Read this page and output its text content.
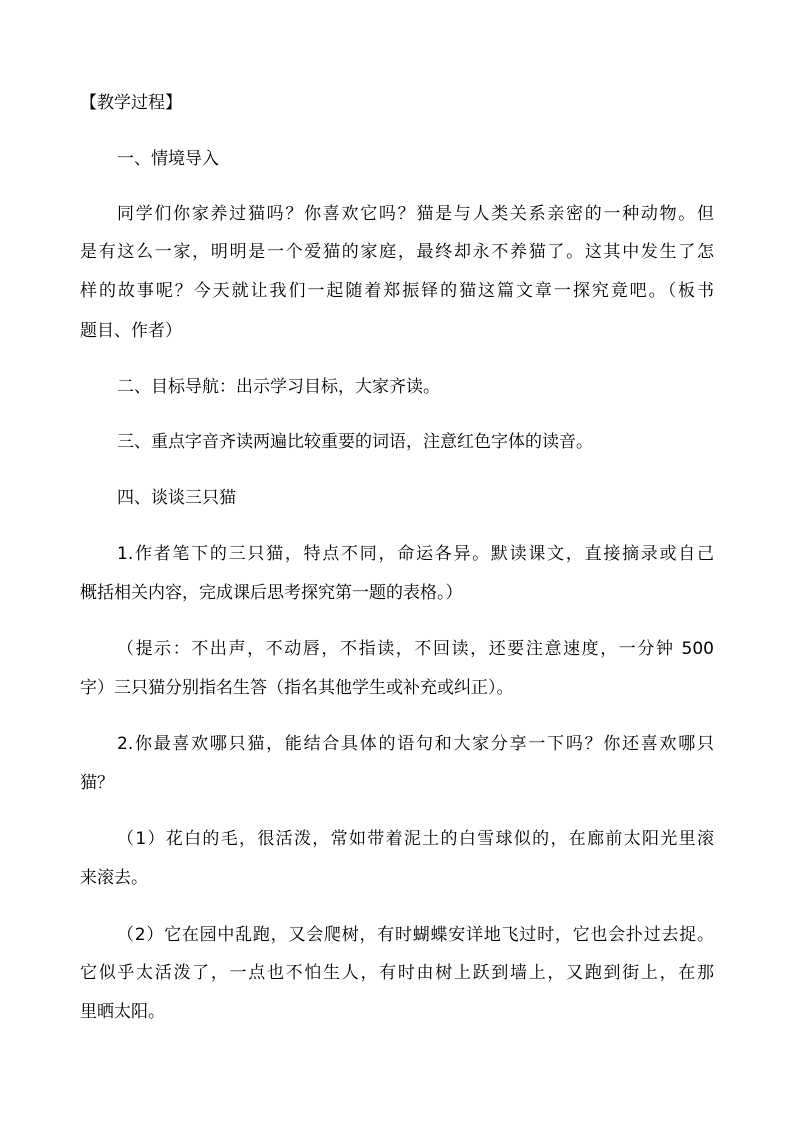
【教学过程】
一、情境导入
同学们你家养过猫吗？你喜欢它吗？猫是与人类关系亲密的一种动物。但
是有这么一家，明明是一个爱猫的家庭，最终却永不养猫了。这其中发生了怎
样的故事呢？今天就让我们一起随着郑振铎的猫这篇文章一探究竟吧。（板书
题目、作者）
二、目标导航：出示学习目标，大家齐读。
三、重点字音齐读两遍比较重要的词语，注意红色字体的读音。
四、谈谈三只猫
1.作者笔下的三只猫，特点不同，命运各异。默读课文，直接摘录或自己
概括相关内容，完成课后思考探究第一题的表格。）
（提示：不出声，不动唇，不指读，不回读，还要注意速度，一分钟 500
字）三只猫分别指名生答（指名其他学生或补充或纠正）。
2.你最喜欢哪只猫，能结合具体的语句和大家分享一下吗？你还喜欢哪只
猫？
（1）花白的毛，很活泼，常如带着泥土的白雪球似的，在廊前太阳光里滚
来滚去。
（2）它在园中乱跑，又会爬树，有时蝴蝶安详地飞过时，它也会扑过去捉。
它似乎太活泼了，一点也不怕生人，有时由树上跃到墙上，又跑到街上，在那
里晒太阳。
